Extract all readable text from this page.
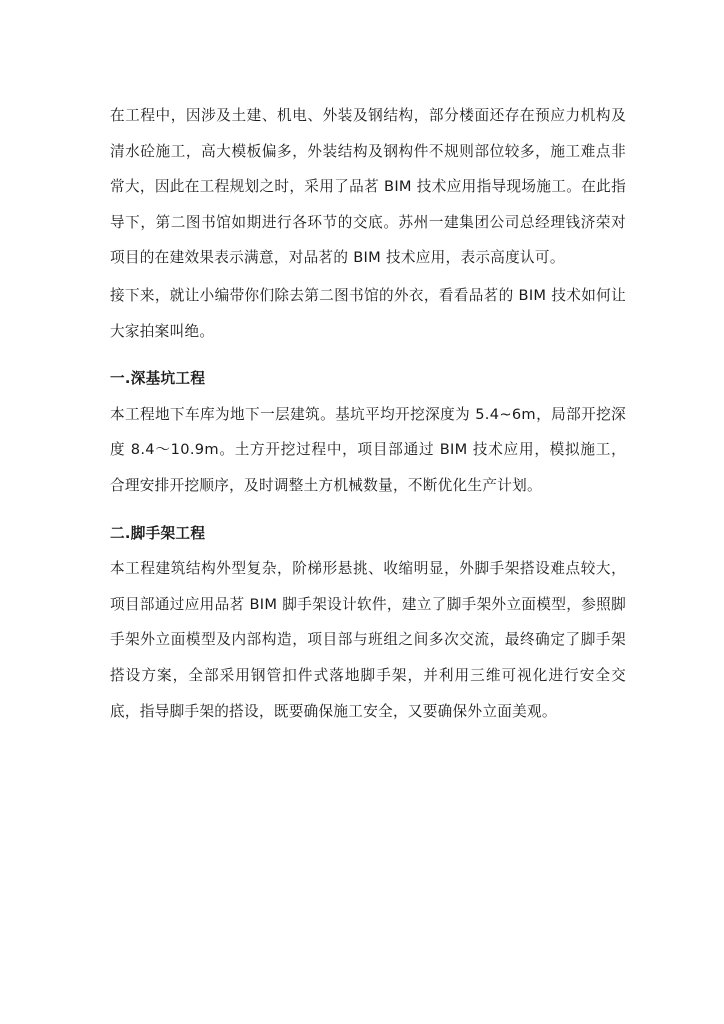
在工程中，因涉及土建、机电、外装及钢结构，部分楼面还存在预应力机构及清水砼施工，高大模板偏多，外装结构及钢构件不规则部位较多，施工难点非常大，因此在工程规划之时，采用了品茗 BIM 技术应用指导现场施工。在此指导下，第二图书馆如期进行各环节的交底。苏州一建集团公司总经理钱济荣对项目的在建效果表示满意，对品茗的 BIM 技术应用，表示高度认可。

接下来，就让小编带你们除去第二图书馆的外衣，看看品茗的 BIM 技术如何让大家拍案叫绝。

一.深基坑工程

本工程地下车库为地下一层建筑。基坑平均开挖深度为 5.4~6m，局部开挖深度 8.4～10.9m。土方开挖过程中，项目部通过 BIM 技术应用，模拟施工，合理安排开挖顺序，及时调整土方机械数量，不断优化生产计划。

二.脚手架工程

本工程建筑结构外型复杂，阶梯形悬挑、收缩明显，外脚手架搭设难点较大，项目部通过应用品茗 BIM 脚手架设计软件，建立了脚手架外立面模型，参照脚手架外立面模型及内部构造，项目部与班组之间多次交流，最终确定了脚手架搭设方案，全部采用钢管扣件式落地脚手架，并利用三维可视化进行安全交底，指导脚手架的搭设，既要确保施工安全，又要确保外立面美观。
